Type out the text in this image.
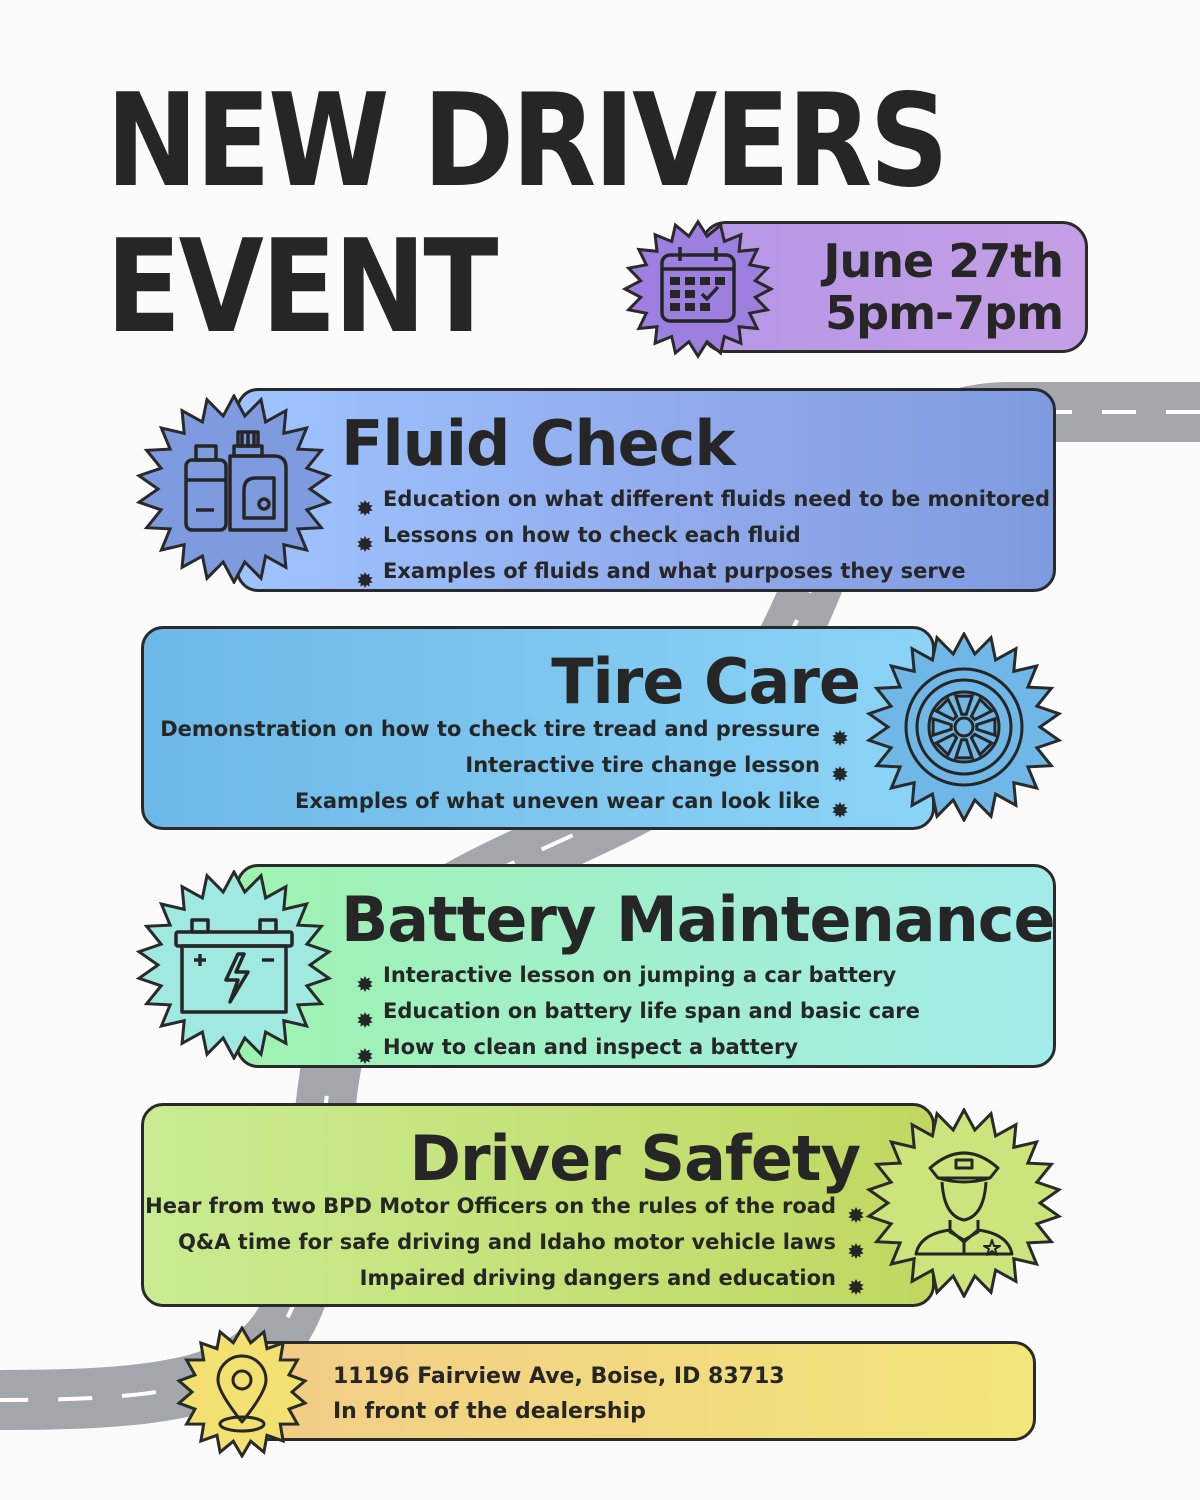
NEW DRIVERS
EVENT	June 27th
5pm-7pm
Fluid Check
Education on what different fluids need to be monitored
Lessons on how to check each fluid
Examples of fluids and what purposes they serve
Tire Care
Demonstration on how to check tire tread and pressure
Interactive tire change lesson
Examples of what uneven wear can look like
Battery Maintenance
Interactive lesson on jumping a car battery
Education on battery life span and basic care
How to clean and inspect a battery
Driver Safety
Hear from two BPD Motor Officers on the rules of the road
Q&A time for safe driving and Idaho motor vehicle laws
Impaired driving dangers and education
11196 Fairview Ave, Boise, ID 83713
In front of the dealership
